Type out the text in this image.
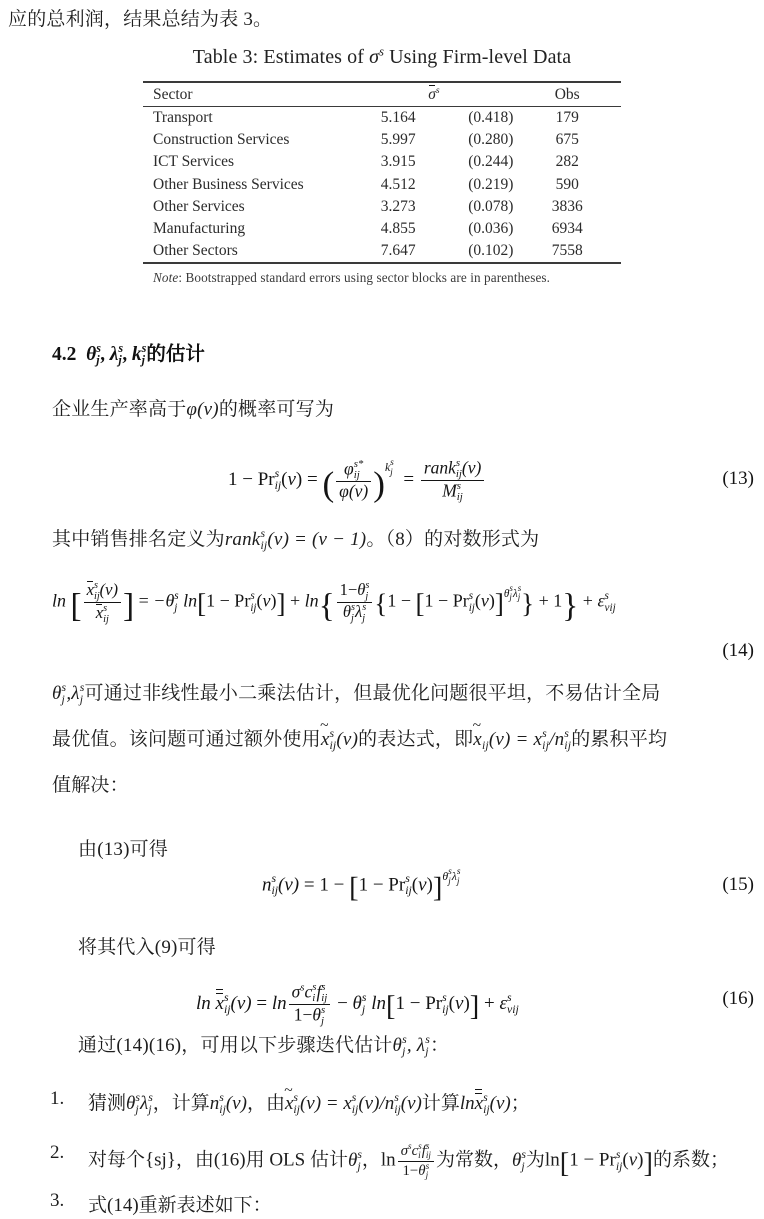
应的总利润，结果总结为表 3。
Table 3: Estimates of $\sigma^s$ Using Firm-level Data
Sector	$\sigma^s$		Obs
Transport	5.164	(0.418)	179
Construction Services	5.997	(0.280)	675
ICT Services	3.915	(0.244)	282
Other Business Services	4.512	(0.219)	590
Other Services	3.273	(0.078)	3836
Manufacturing	4.855	(0.036)	6934
Other Sectors	7.647	(0.102)	7558
Note: Bootstrapped standard errors using sector blocks are in parentheses.
4.2 θ s
j , λ s
j , k s
j 的估计
企业生产率高于φ(v)的概率可写为
1 − Pr s
ij (v) = ( φ s*
ij
φ(v) )$^{k s j}$ = rank s
ij (v)
M s
ij	(13)
其中销售排名定义为rank s
ij (v) = (v − 1)。（8）的对数形式为
ln [ x s
ij (v)
x s
ij ] = −θ s
j ln[1 − Pr s
ij (v)] + ln{ 1−θ s
j
θ s
j λ s
j {1 − [1 − Pr s
ij (v)]$^{\theta s j \lambda s j}$ } + 1} + ε s
vij
(14)
θ s
j ,λ s
j 可通过非线性最小二乘法估计，但最优化问题很平坦，不易估计全局
最优值。该问题可通过额外使用~ x s
ij (v)的表达式，即~ x
ij (v) = x s
ij /n s
ij 的累积平均
值解决：
由(13)可得
n s
ij (v) = 1 − [1 − Pr s
ij (v)]$^{\theta s j \lambda s j}$	(15)
将其代入(9)可得
ln x s
ij $(v) = \ln \sigma^sc$ s
i f s
ij
1−θ s
j − θ s
j ln[1 − Pr s
ij (v)] + ε s
vij
(16)
通过(14)(16)，可用以下步骤迭代估计θ s
j , λ s
j ：
1. 猜测θ s
j λ s
j ，计算n s
ij (v)，由~ x s
ij (v) = x s
ij (v)/n s
ij (v)计算lnx s
ij (v)；
2. 对每个{sj}，由(16)用 OLS 估计θ s
j ，$\ln \sigma^sc$ s
i f s
ij
1−θ s
j 为常数，θ s
j 为ln[1 − Pr s
ij (v)]的系数；
3. 式(14)重新表述如下：
